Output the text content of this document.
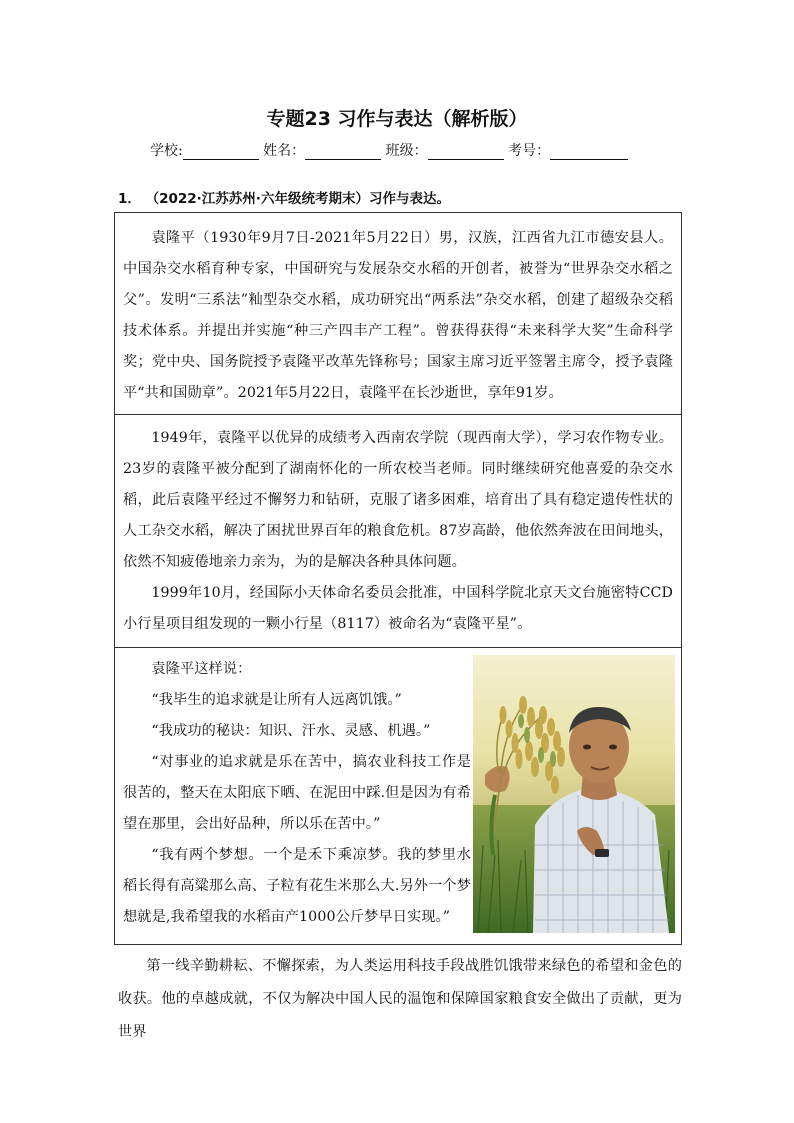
专题23 习作与表达（解析版）
学校:	姓名：	班级：	考号：
1． （2022·江苏苏州·六年级统考期末）习作与表达。

袁隆平（1930年9月7日-2021年5月22日）男，汉族，江西省九江市德安县人。中国杂交水稻育种专家，中国研究与发展杂交水稻的开创者，被誉为“世界杂交水稻之父”。发明“三系法”籼型杂交水稻，成功研究出“两系法”杂交水稻，创建了超级杂交稻技术体系。并提出并实施“种三产四丰产工程”。曾获得获得“未来科学大奖”生命科学奖；党中央、国务院授予袁隆平改革先锋称号；国家主席习近平签署主席令，授予袁隆平“共和国勋章”。2021年5月22日，袁隆平在长沙逝世，享年91岁。

1949年，袁隆平以优异的成绩考入西南农学院（现西南大学），学习农作物专业。23岁的袁隆平被分配到了湖南怀化的一所农校当老师。同时继续研究他喜爱的杂交水稻，此后袁隆平经过不懈努力和钻研，克服了诸多困难，培育出了具有稳定遗传性状的人工杂交水稻，解决了困扰世界百年的粮食危机。87岁高龄，他依然奔波在田间地头，依然不知疲倦地亲力亲为，为的是解决各种具体问题。

1999年10月，经国际小天体命名委员会批准，中国科学院北京天文台施密特CCD小行星项目组发现的一颗小行星（8117）被命名为“袁隆平星”。

袁隆平这样说：

“我毕生的追求就是让所有人远离饥饿。”

“我成功的秘诀：知识、汗水、灵感、机遇。”

“对事业的追求就是乐在苦中，搞农业科技工作是很苦的，整天在太阳底下晒、在泥田中踩.但是因为有希望在那里，会出好品种，所以乐在苦中。”

“我有两个梦想。一个是禾下乘凉梦。我的梦里水稻长得有高粱那么高、子粒有花生米那么大.另外一个梦想就是,我希望我的水稻亩产1000公斤梦早日实现。”

第一线辛勤耕耘、不懈探索，为人类运用科技手段战胜饥饿带来绿色的希望和金色的收获。他的卓越成就，不仅为解决中国人民的温饱和保障国家粮食安全做出了贡献，更为世界
